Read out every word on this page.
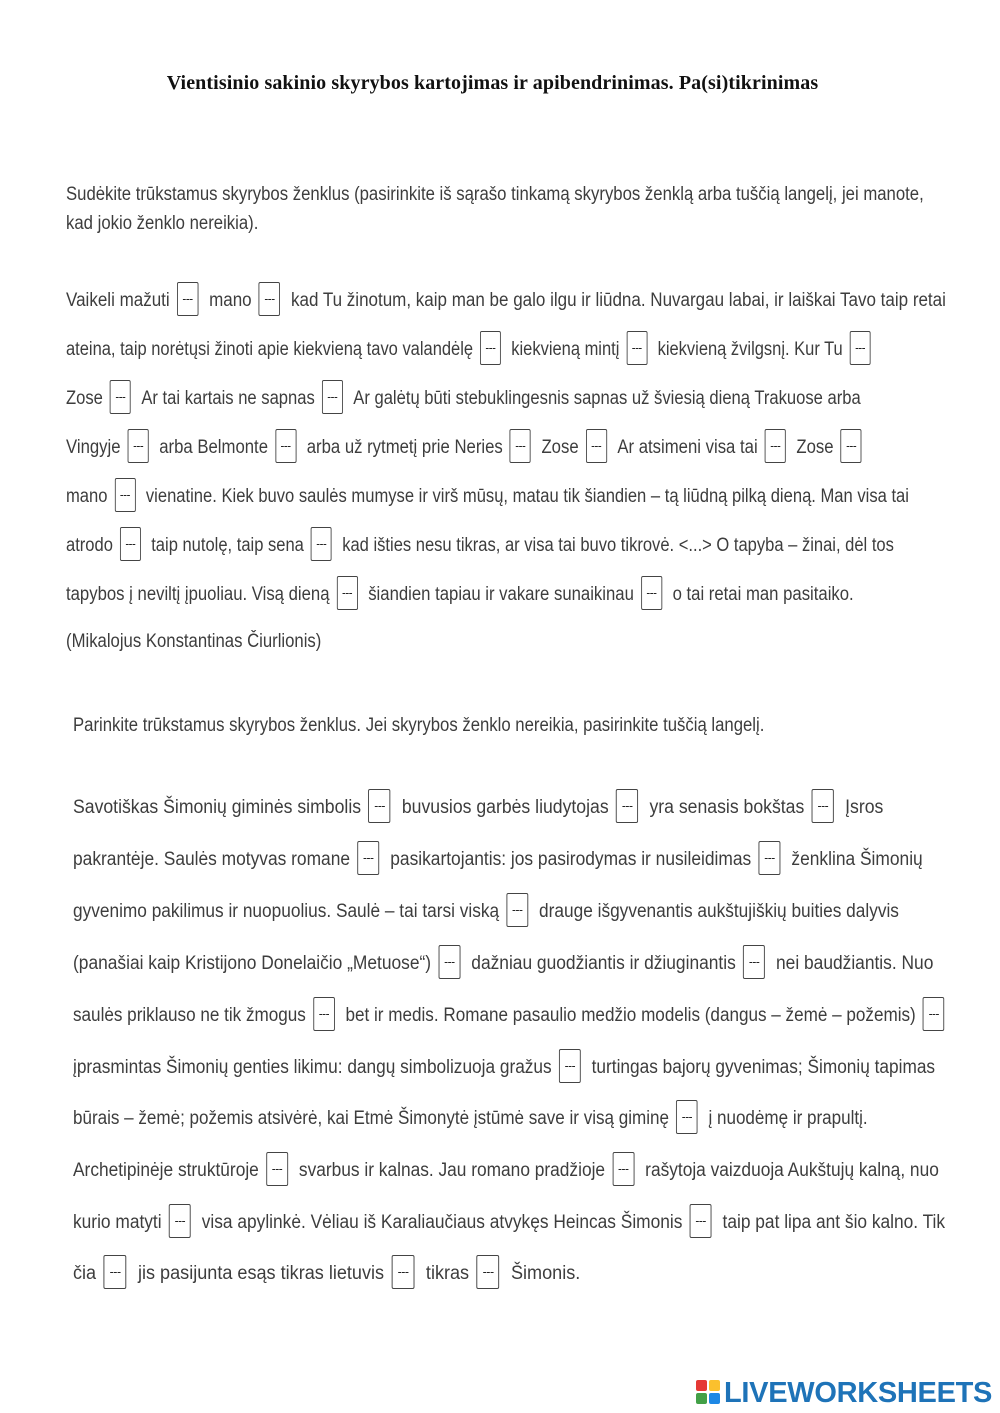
Vientisinio sakinio skyrybos kartojimas ir apibendrinimas. Pa(si)tikrinimas
Sudėkite trūkstamus skyrybos ženklus (pasirinkite iš sąrašo tinkamą skyrybos ženklą arba tuščią langelį, jei manote,
kad jokio ženklo nereikia).
Vaikeli mažuti --- mano --- kad Tu žinotum, kaip man be galo ilgu ir liūdna. Nuvargau labai, ir laiškai Tavo taip retai
ateina, taip norėtųsi žinoti apie kiekvieną tavo valandėlę --- kiekvieną mintį --- kiekvieną žvilgsnį. Kur Tu ---
Zose --- Ar tai kartais ne sapnas --- Ar galėtų būti stebuklingesnis sapnas už šviesią dieną Trakuose arba
Vingyje --- arba Belmonte --- arba už rytmetį prie Neries --- Zose --- Ar atsimeni visa tai --- Zose ---
mano --- vienatine. Kiek buvo saulės mumyse ir virš mūsų, matau tik šiandien – tą liūdną pilką dieną. Man visa tai
atrodo --- taip nutolę, taip sena --- kad išties nesu tikras, ar visa tai buvo tikrovė. <...> O tapyba – žinai, dėl tos
tapybos į neviltį įpuoliau. Visą dieną --- šiandien tapiau ir vakare sunaikinau --- o tai retai man pasitaiko.
(Mikalojus Konstantinas Čiurlionis)
Parinkite trūkstamus skyrybos ženklus. Jei skyrybos ženklo nereikia, pasirinkite tuščią langelį.
Savotiškas Šimonių giminės simbolis --- buvusios garbės liudytojas --- yra senasis bokštas --- Įsros
pakrantėje. Saulės motyvas romane --- pasikartojantis: jos pasirodymas ir nusileidimas --- ženklina Šimonių
gyvenimo pakilimus ir nuopuolius. Saulė – tai tarsi viską --- drauge išgyvenantis aukštujiškių buities dalyvis
(panašiai kaip Kristijono Donelaičio „Metuose“) --- dažniau guodžiantis ir džiuginantis --- nei baudžiantis. Nuo
saulės priklauso ne tik žmogus --- bet ir medis. Romane pasaulio medžio modelis (dangus – žemė – požemis) ---
įprasmintas Šimonių genties likimu: dangų simbolizuoja gražus --- turtingas bajorų gyvenimas; Šimonių tapimas
būrais – žemė; požemis atsivėrė, kai Etmė Šimonytė įstūmė save ir visą giminę --- į nuodėmę ir prapultį.
Archetipinėje struktūroje --- svarbus ir kalnas. Jau romano pradžioje --- rašytoja vaizduoja Aukštujų kalną, nuo
kurio matyti --- visa apylinkė. Vėliau iš Karaliaučiaus atvykęs Heincas Šimonis --- taip pat lipa ant šio kalno. Tik
čia --- jis pasijunta esąs tikras lietuvis --- tikras --- Šimonis.
LIVEWORKSHEETS
